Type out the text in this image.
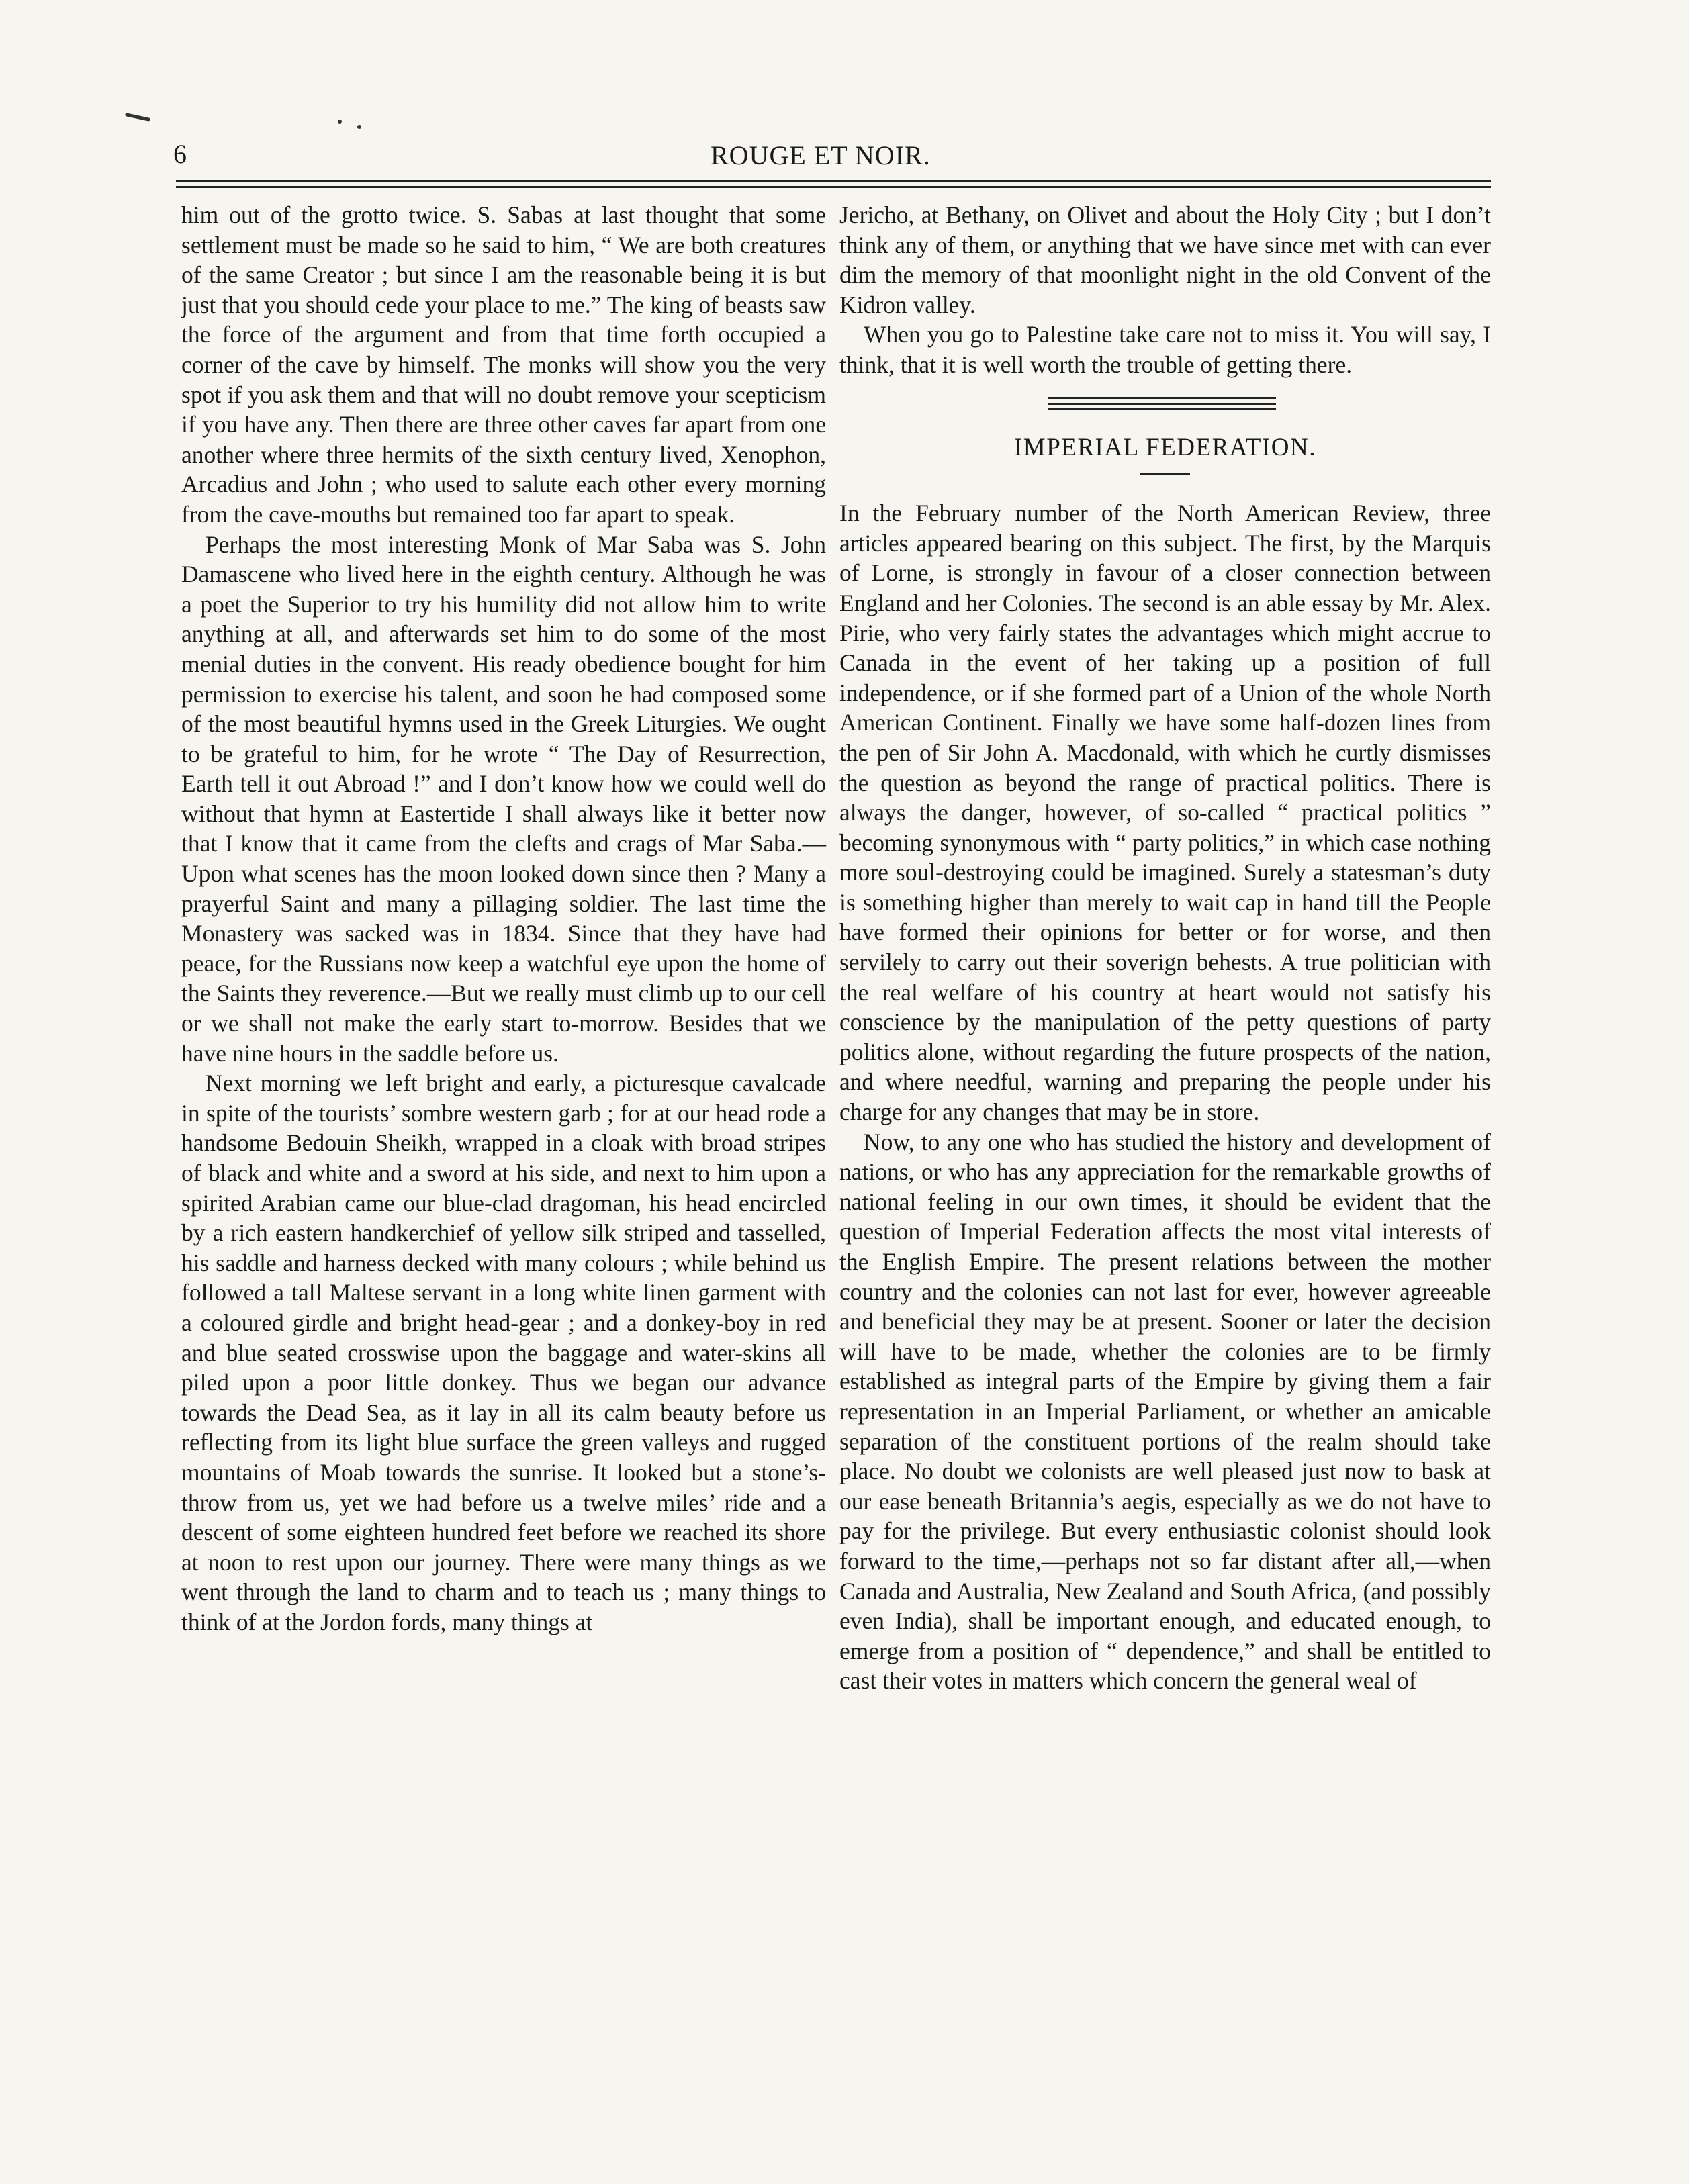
6	ROUGE ET NOIR.

him out of the grotto twice. S. Sabas at last thought that some settlement must be made so he said to him, “ We are both creatures of the same Creator ; but since I am the reasonable being it is but just that you should cede your place to me.” The king of beasts saw the force of the argument and from that time forth occupied a corner of the cave by himself. The monks will show you the very spot if you ask them and that will no doubt remove your scepticism if you have any. Then there are three other caves far apart from one another where three hermits of the sixth century lived, Xenophon, Arcadius and John ; who used to salute each other every morning from the cave-mouths but remained too far apart to speak.

Perhaps the most interesting Monk of Mar Saba was S. John Damascene who lived here in the eighth century. Although he was a poet the Superior to try his humility did not allow him to write anything at all, and afterwards set him to do some of the most menial duties in the convent. His ready obedience bought for him permission to exercise his talent, and soon he had composed some of the most beautiful hymns used in the Greek Liturgies. We ought to be grateful to him, for he wrote “ The Day of Resurrection, Earth tell it out Abroad !” and I don’t know how we could well do without that hymn at Eastertide I shall always like it better now that I know that it came from the clefts and crags of Mar Saba.—Upon what scenes has the moon looked down since then ? Many a prayerful Saint and many a pillaging soldier. The last time the Monastery was sacked was in 1834. Since that they have had peace, for the Russians now keep a watchful eye upon the home of the Saints they reverence.—But we really must climb up to our cell or we shall not make the early start to-morrow. Besides that we have nine hours in the saddle before us.

Next morning we left bright and early, a picturesque cavalcade in spite of the tourists’ sombre western garb ; for at our head rode a handsome Bedouin Sheikh, wrapped in a cloak with broad stripes of black and white and a sword at his side, and next to him upon a spirited Arabian came our blue-clad dragoman, his head encircled by a rich eastern handkerchief of yellow silk striped and tasselled, his saddle and harness decked with many colours ; while behind us followed a tall Maltese servant in a long white linen garment with a coloured girdle and bright head-gear ; and a donkey-boy in red and blue seated crosswise upon the baggage and water-skins all piled upon a poor little donkey. Thus we began our advance towards the Dead Sea, as it lay in all its calm beauty before us reflecting from its light blue surface the green valleys and rugged mountains of Moab towards the sunrise. It looked but a stone’s-throw from us, yet we had before us a twelve miles’ ride and a descent of some eighteen hundred feet before we reached its shore at noon to rest upon our journey. There were many things as we went through the land to charm and to teach us ; many things to think of at the Jordon fords, many things at

Jericho, at Bethany, on Olivet and about the Holy City ; but I don’t think any of them, or anything that we have since met with can ever dim the memory of that moonlight night in the old Convent of the Kidron valley.

When you go to Palestine take care not to miss it. You will say, I think, that it is well worth the trouble of getting there.

IMPERIAL FEDERATION.

In the February number of the North American Review, three articles appeared bearing on this subject. The first, by the Marquis of Lorne, is strongly in favour of a closer connection between England and her Colonies. The second is an able essay by Mr. Alex. Pirie, who very fairly states the advantages which might accrue to Canada in the event of her taking up a position of full independence, or if she formed part of a Union of the whole North American Continent. Finally we have some half-dozen lines from the pen of Sir John A. Macdonald, with which he curtly dismisses the question as beyond the range of practical politics. There is always the danger, however, of so-called “ practical politics ” becoming synonymous with “ party politics,” in which case nothing more soul-destroying could be imagined. Surely a statesman’s duty is something higher than merely to wait cap in hand till the People have formed their opinions for better or for worse, and then servilely to carry out their soverign behests. A true politician with the real welfare of his country at heart would not satisfy his conscience by the manipulation of the petty questions of party politics alone, without regarding the future prospects of the nation, and where needful, warning and preparing the people under his charge for any changes that may be in store.

Now, to any one who has studied the history and development of nations, or who has any appreciation for the remarkable growths of national feeling in our own times, it should be evident that the question of Imperial Federation affects the most vital interests of the English Empire. The present relations between the mother country and the colonies can not last for ever, however agreeable and beneficial they may be at present. Sooner or later the decision will have to be made, whether the colonies are to be firmly established as integral parts of the Empire by giving them a fair representation in an Imperial Parliament, or whether an amicable separation of the constituent portions of the realm should take place. No doubt we colonists are well pleased just now to bask at our ease beneath Britannia’s aegis, especially as we do not have to pay for the privilege. But every enthusiastic colonist should look forward to the time,—perhaps not so far distant after all,—when Canada and Australia, New Zealand and South Africa, (and possibly even India), shall be important enough, and educated enough, to emerge from a position of “ dependence,” and shall be entitled to cast their votes in matters which concern the general weal of
